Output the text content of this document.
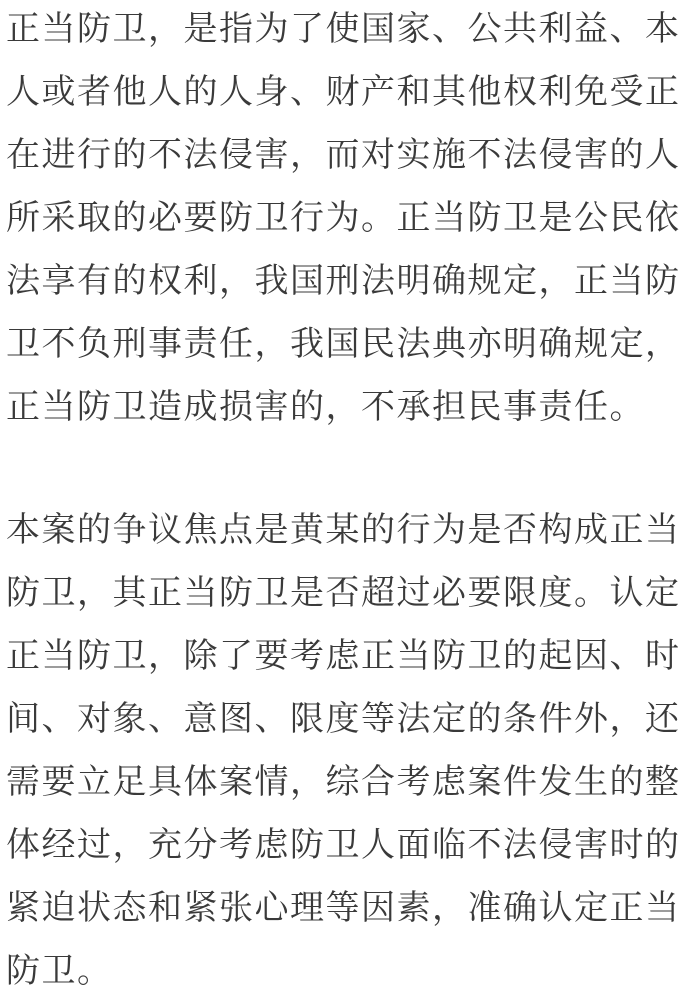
正当防卫，是指为了使国家、公共利益、本
人或者他人的人身、财产和其他权利免受正
在进行的不法侵害，而对实施不法侵害的人
所采取的必要防卫行为。正当防卫是公民依
法享有的权利，我国刑法明确规定，正当防
卫不负刑事责任，我国民法典亦明确规定，
正当防卫造成损害的，不承担民事责任。

本案的争议焦点是黄某的行为是否构成正当
防卫，其正当防卫是否超过必要限度。认定
正当防卫，除了要考虑正当防卫的起因、时
间、对象、意图、限度等法定的条件外，还
需要立足具体案情，综合考虑案件发生的整
体经过，充分考虑防卫人面临不法侵害时的
紧迫状态和紧张心理等因素，准确认定正当
防卫。
